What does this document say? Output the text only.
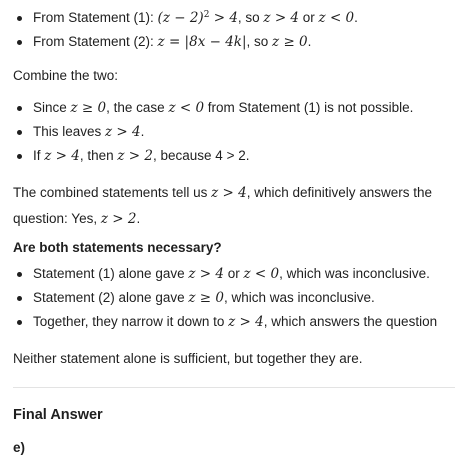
From Statement (1): $(z - 2)^2 > 4$, so z > 4 or z < 0.
From Statement (2): z = |8x − 4k|, so z ≥ 0.

Combine the two:

Since z ≥ 0, the case z < 0 from Statement (1) is not possible.
This leaves z > 4.
If z > 4, then z > 2, because 4 > 2.

The combined statements tell us z > 4, which definitively answers the

question: Yes, z > 2.

Are both statements necessary?
Statement (1) alone gave z > 4 or z < 0, which was inconclusive.
Statement (2) alone gave z ≥ 0, which was inconclusive.
Together, they narrow it down to z > 4, which answers the question

Neither statement alone is sufficient, but together they are.

Final Answer
e)
